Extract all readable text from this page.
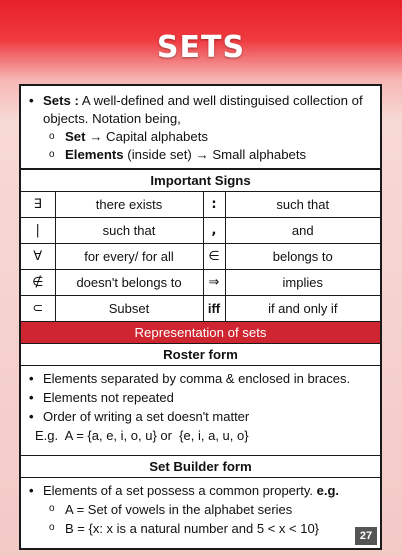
SETS
• Sets : A well-defined and well distinguised collection of objects. Notation being,
o Set → Capital alphabets
o Elements (inside set) → Small alphabets
Important Signs
∃	there exists	:	such that
|	such that	,	and
∀	for every/ for all	∈	belongs to
∉	doesn't belongs to	⇒	implies
⊂	Subset	iff	if and only if
Representation of sets
Roster form
• Elements separated by comma & enclosed in braces.
• Elements not repeated
• Order of writing a set doesn't matter
E.g.  A = {a, e, i, o, u} or  {e, i, a, u, o}
Set Builder form
• Elements of a set possess a common property. e.g.
o A = Set of vowels in the alphabet series
o B = {x: x is a natural number and 5 < x < 10}	27
